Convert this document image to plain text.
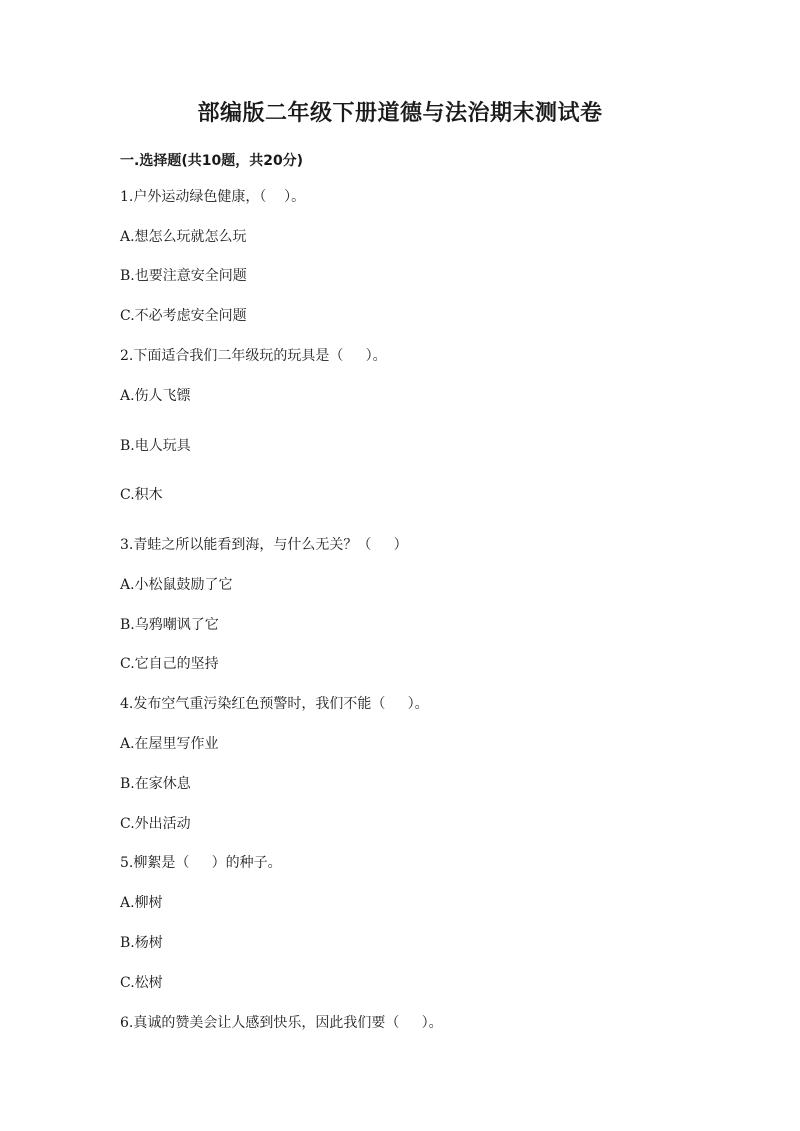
部编版二年级下册道德与法治期末测试卷

一.选择题(共10题，共20分)

1.户外运动绿色健康，（    ）。

A.想怎么玩就怎么玩

B.也要注意安全问题

C.不必考虑安全问题

2.下面适合我们二年级玩的玩具是（     ）。

A.伤人飞镖

B.电人玩具

C.积木

3.青蛙之所以能看到海，与什么无关？（     ）

A.小松鼠鼓励了它

B.乌鸦嘲讽了它

C.它自己的坚持

4.发布空气重污染红色预警时，我们不能（     ）。

A.在屋里写作业

B.在家休息

C.外出活动

5.柳絮是（     ）的种子。

A.柳树

B.杨树

C.松树

6.真诚的赞美会让人感到快乐，因此我们要（     ）。
